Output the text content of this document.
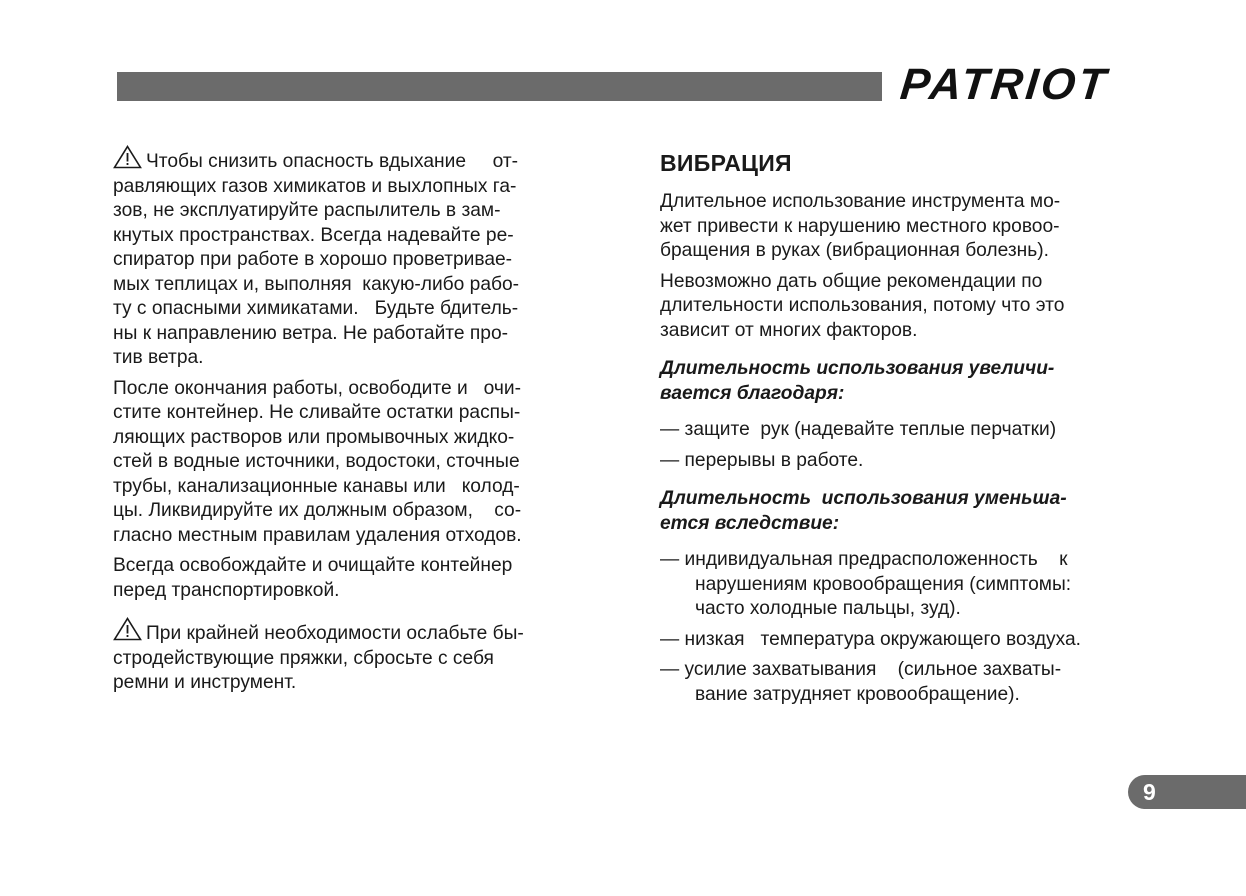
PATRIOT
Чтобы снизить опасность вдыхание     от-
равляющих газов химикатов и выхлопных га-
зов, не эксплуатируйте распылитель в зам-
кнутых пространствах. Всегда надевайте ре-
спиратор при работе в хорошо проветривае-
мых теплицах и, выполняя  какую-либо рабо-
ту с опасными химикатами.   Будьте бдитель-
ны к направлению ветра. Не работайте про-
тив ветра.
После окончания работы, освободите и   очи-
стите контейнер. Не сливайте остатки распы-
ляющих растворов или промывочных жидко-
стей в водные источники, водостоки, сточные
трубы, канализационные канавы или   колод-
цы. Ликвидируйте их должным образом,    со-
гласно местным правилам удаления отходов.
Всегда освобождайте и очищайте контейнер
перед транспортировкой.
При крайней необходимости ослабьте бы-
стродействующие пряжки, сбросьте с себя
ремни и инструмент.
ВИБРАЦИЯ
Длительное использование инструмента мо-
жет привести к нарушению местного кровоо-
бращения в руках (вибрационная болезнь).
Невозможно дать общие рекомендации по
длительности использования, потому что это
зависит от многих факторов.
Длительность использования увеличи-
вается благодаря:
— защите  рук (надевайте теплые перчатки)
— перерывы в работе.
Длительность  использования уменьша-
ется вследствие:
— индивидуальная предрасположенность    к
нарушениям кровообращения (симптомы:
часто холодные пальцы, зуд).
— низкая   температура окружающего воздуха.
— усилие захватывания    (сильное захваты-
вание затрудняет кровообращение).
9
